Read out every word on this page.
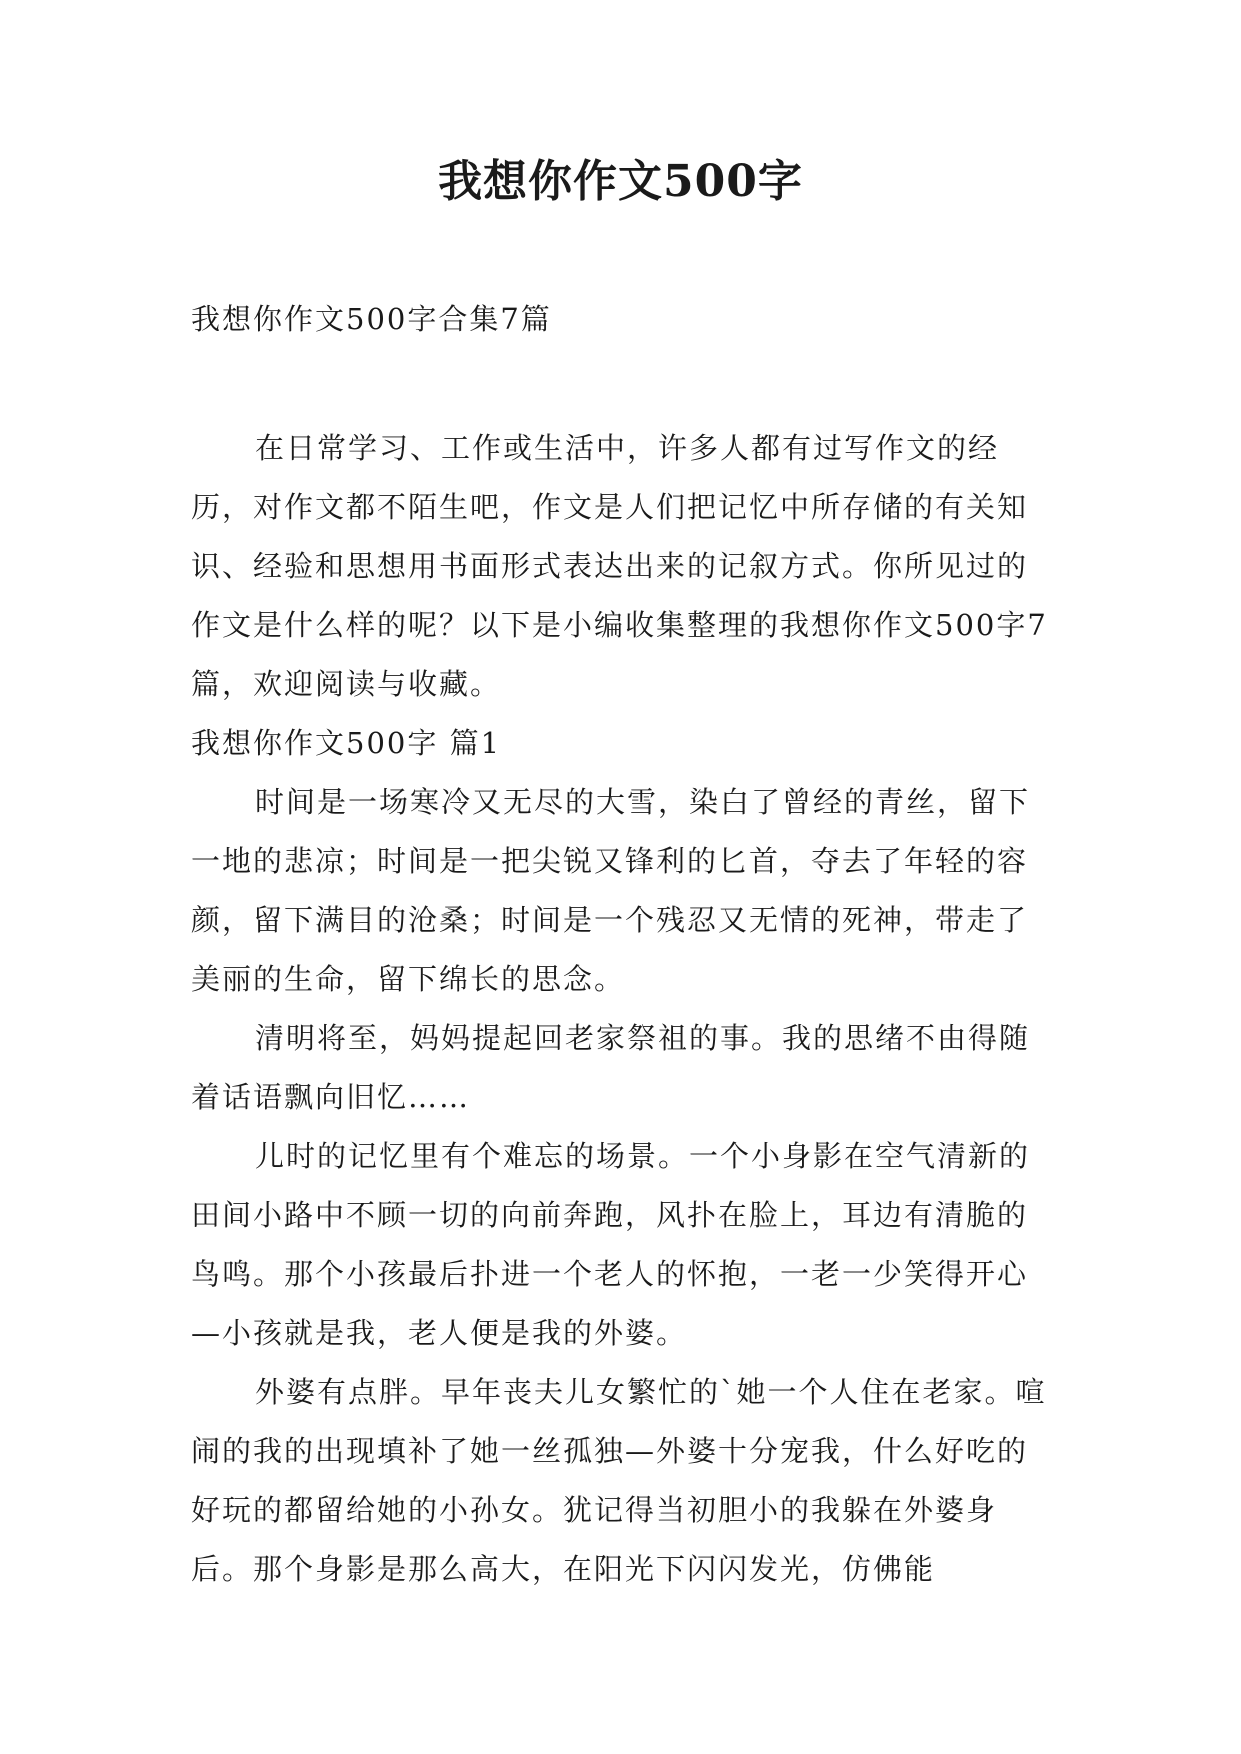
我想你作文500字

我想你作文500字合集7篇

在日常学习、工作或生活中，许多人都有过写作文的经历，对作文都不陌生吧，作文是人们把记忆中所存储的有关知识、经验和思想用书面形式表达出来的记叙方式。你所见过的作文是什么样的呢？以下是小编收集整理的我想你作文500字7篇，欢迎阅读与收藏。

我想你作文500字 篇1

时间是一场寒冷又无尽的大雪，染白了曾经的青丝，留下一地的悲凉；时间是一把尖锐又锋利的匕首，夺去了年轻的容颜，留下满目的沧桑；时间是一个残忍又无情的死神，带走了美丽的生命，留下绵长的思念。

清明将至，妈妈提起回老家祭祖的事。我的思绪不由得随着话语飘向旧忆……

儿时的记忆里有个难忘的场景。一个小身影在空气清新的田间小路中不顾一切的向前奔跑，风扑在脸上，耳边有清脆的鸟鸣。那个小孩最后扑进一个老人的怀抱，一老一少笑得开心—小孩就是我，老人便是我的外婆。

外婆有点胖。早年丧夫儿女繁忙的`她一个人住在老家。喧闹的我的出现填补了她一丝孤独—外婆十分宠我，什么好吃的好玩的都留给她的小孙女。犹记得当初胆小的我躲在外婆身后。那个身影是那么高大，在阳光下闪闪发光，仿佛能
